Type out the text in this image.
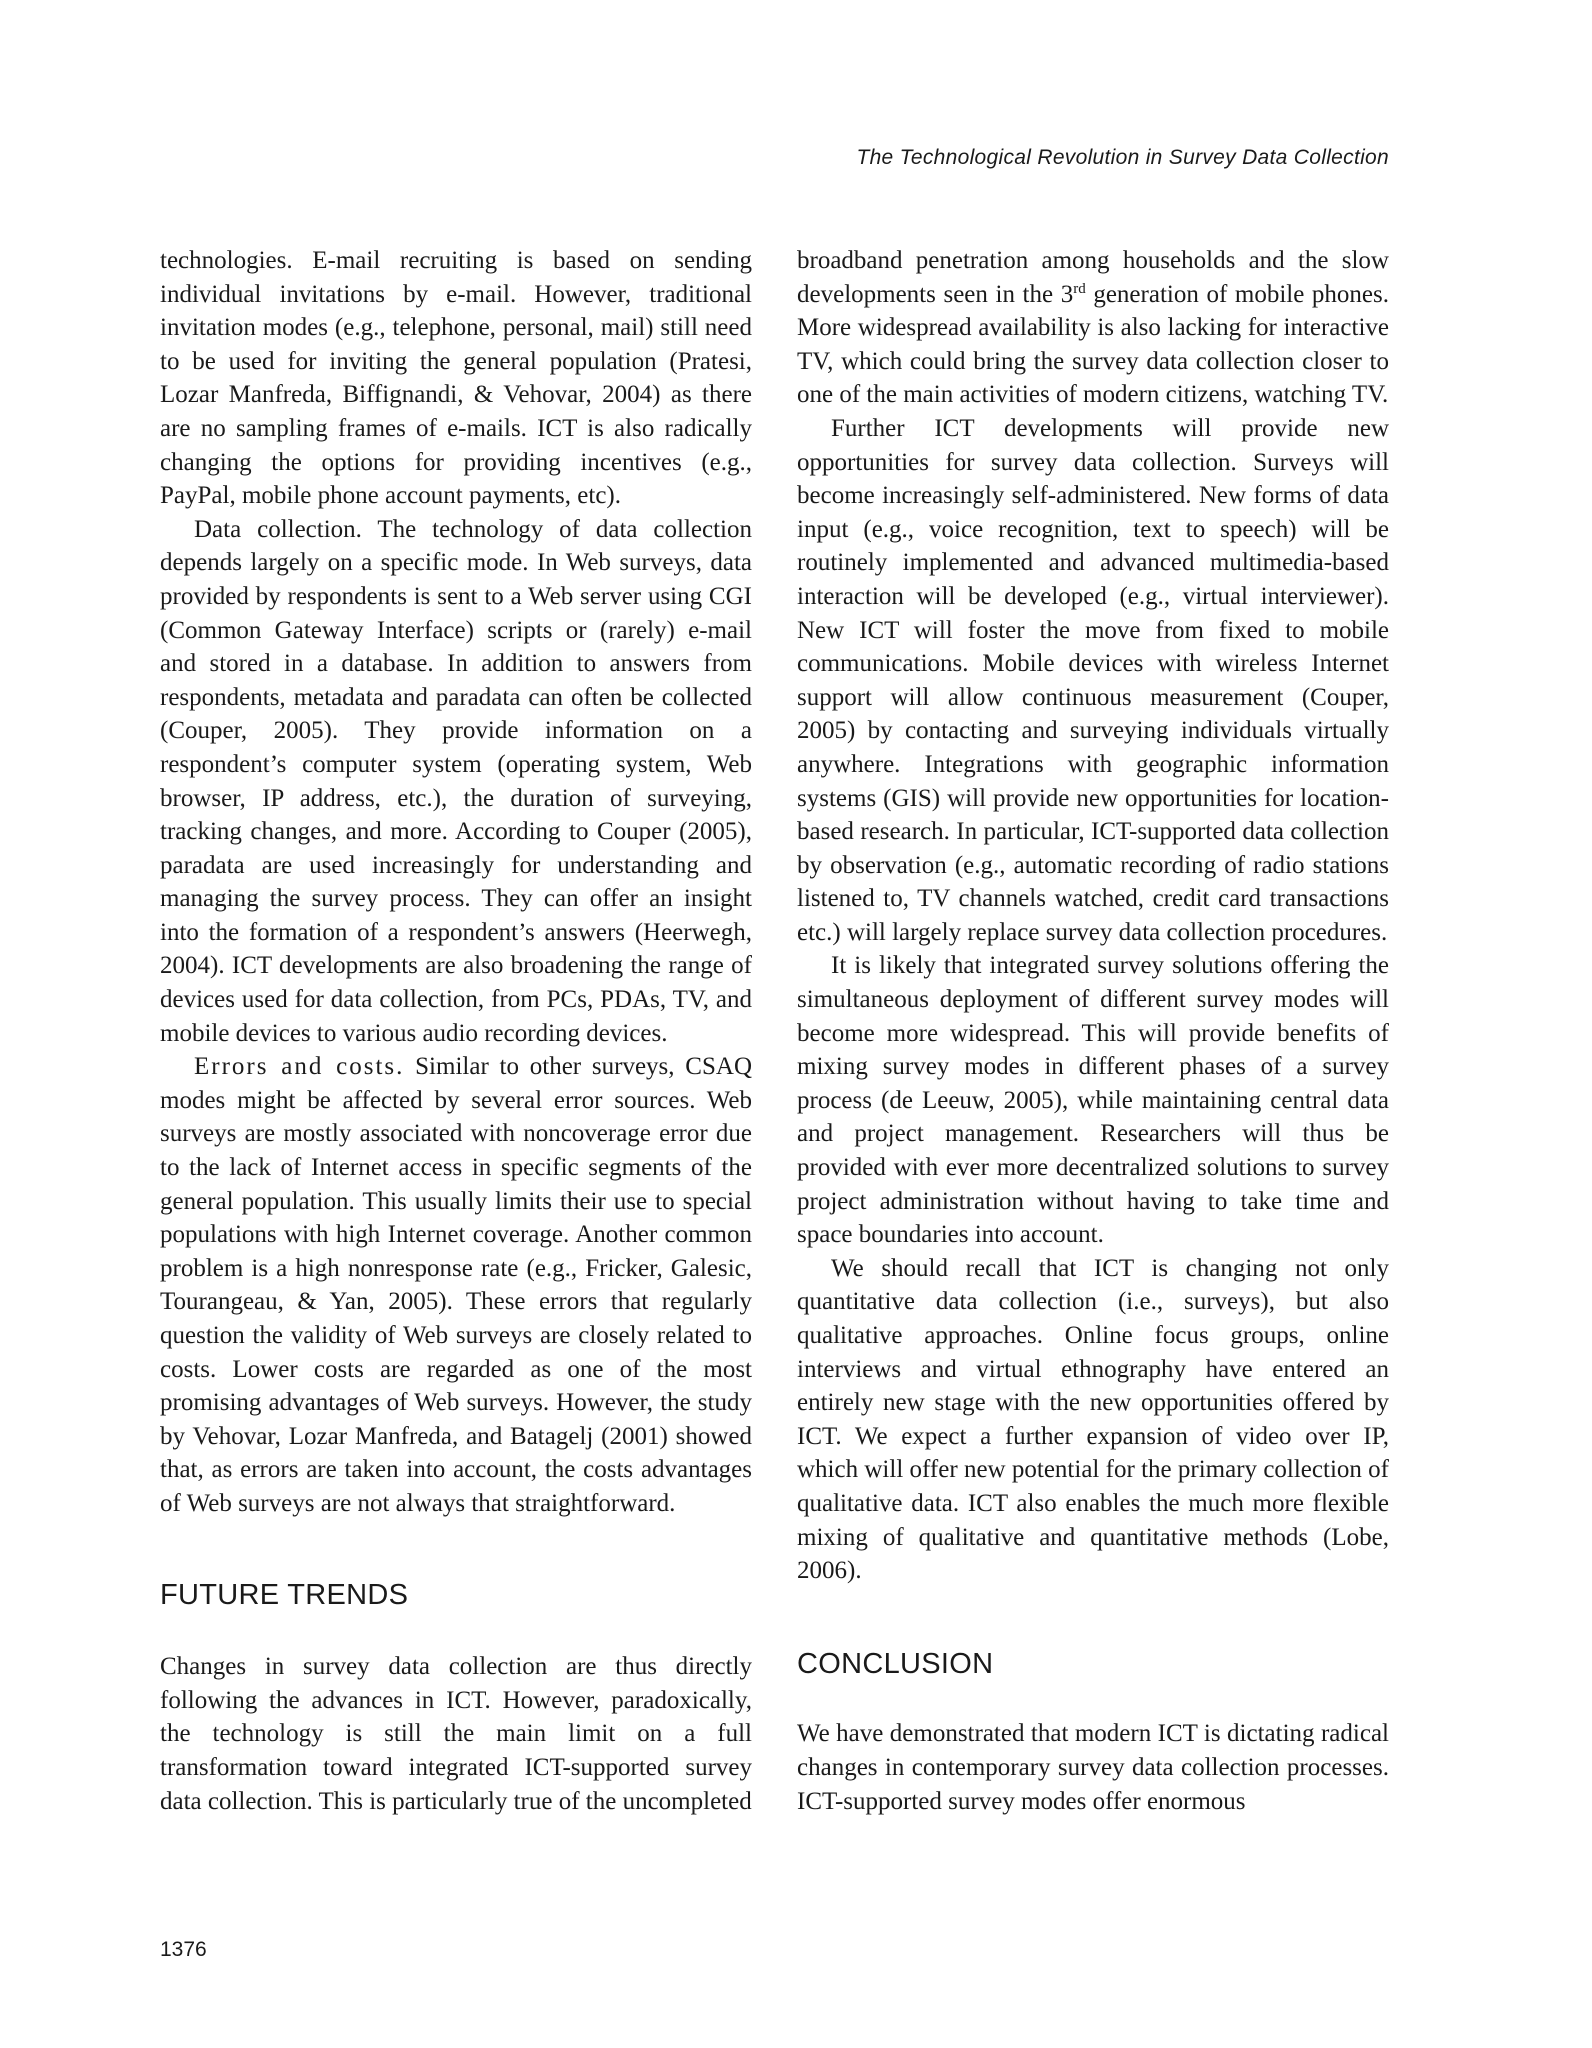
The Technological Revolution in Survey Data Collection

technologies. E-mail recruiting is based on sending individual invitations by e-mail. However, traditional invitation modes (e.g., telephone, personal, mail) still need to be used for inviting the general population (Pratesi, Lozar Manfreda, Biffignandi, & Vehovar, 2004) as there are no sampling frames of e-mails. ICT is also radically changing the options for providing incentives (e.g., PayPal, mobile phone account payments, etc).

Data collection. The technology of data collection depends largely on a specific mode. In Web surveys, data provided by respondents is sent to a Web server using CGI (Common Gateway Interface) scripts or (rarely) e-mail and stored in a database. In addition to answers from respondents, metadata and paradata can often be collected (Couper, 2005). They provide information on a respondent’s computer system (operating system, Web browser, IP address, etc.), the duration of surveying, tracking changes, and more. According to Couper (2005), paradata are used increasingly for understanding and managing the survey process. They can offer an insight into the formation of a respondent’s answers (Heerwegh, 2004). ICT developments are also broadening the range of devices used for data collection, from PCs, PDAs, TV, and mobile devices to various audio recording devices.

Errors and costs. Similar to other surveys, CSAQ modes might be affected by several error sources. Web surveys are mostly associated with noncoverage error due to the lack of Internet access in specific segments of the general population. This usually limits their use to special populations with high Internet coverage. Another common problem is a high nonresponse rate (e.g., Fricker, Galesic, Tourangeau, & Yan, 2005). These errors that regularly question the validity of Web surveys are closely related to costs. Lower costs are regarded as one of the most promising advantages of Web surveys. However, the study by Vehovar, Lozar Manfreda, and Batagelj (2001) showed that, as errors are taken into account, the costs advantages of Web surveys are not always that straightforward.

FUTURE TRENDS

Changes in survey data collection are thus directly following the advances in ICT. However, paradoxically, the technology is still the main limit on a full transformation toward integrated ICT-supported survey data collection. This is particularly true of the uncompleted

broadband penetration among households and the slow developments seen in the 3rd generation of mobile phones. More widespread availability is also lacking for interactive TV, which could bring the survey data collection closer to one of the main activities of modern citizens, watching TV.

Further ICT developments will provide new opportunities for survey data collection. Surveys will become increasingly self-administered. New forms of data input (e.g., voice recognition, text to speech) will be routinely implemented and advanced multimedia-based interaction will be developed (e.g., virtual interviewer). New ICT will foster the move from fixed to mobile communications. Mobile devices with wireless Internet support will allow continuous measurement (Couper, 2005) by contacting and surveying individuals virtually anywhere. Integrations with geographic information systems (GIS) will provide new opportunities for location-based research. In particular, ICT-supported data collection by observation (e.g., automatic recording of radio stations listened to, TV channels watched, credit card transactions etc.) will largely replace survey data collection procedures.

It is likely that integrated survey solutions offering the simultaneous deployment of different survey modes will become more widespread. This will provide benefits of mixing survey modes in different phases of a survey process (de Leeuw, 2005), while maintaining central data and project management. Researchers will thus be provided with ever more decentralized solutions to survey project administration without having to take time and space boundaries into account.

We should recall that ICT is changing not only quantitative data collection (i.e., surveys), but also qualitative approaches. Online focus groups, online interviews and virtual ethnography have entered an entirely new stage with the new opportunities offered by ICT. We expect a further expansion of video over IP, which will offer new potential for the primary collection of qualitative data. ICT also enables the much more flexible mixing of qualitative and quantitative methods (Lobe, 2006).

CONCLUSION

We have demonstrated that modern ICT is dictating radical changes in contemporary survey data collection processes. ICT-supported survey modes offer enormous

1376
